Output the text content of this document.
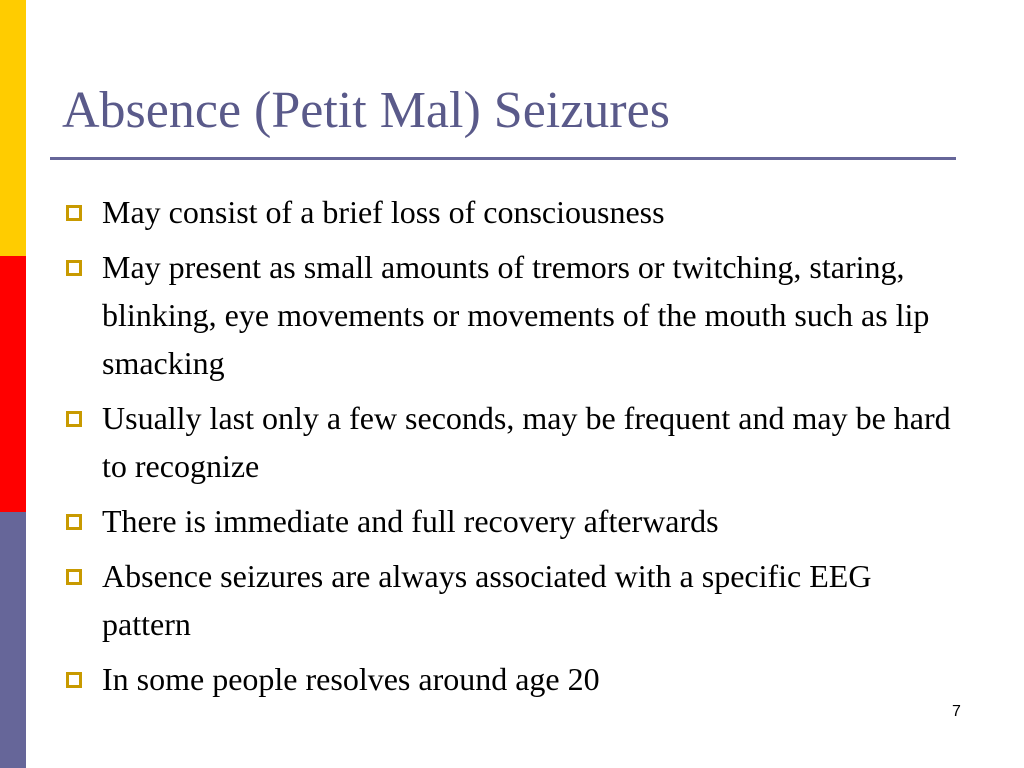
Absence (Petit Mal) Seizures
May consist of a brief loss of consciousness
May present as small amounts of tremors or twitching, staring, blinking, eye movements or movements of the mouth such as lip smacking
Usually last only a few seconds, may be frequent and may be hard to recognize
There is immediate and full recovery afterwards
Absence seizures are always associated with a specific EEG pattern
In some people resolves around age 20
7
